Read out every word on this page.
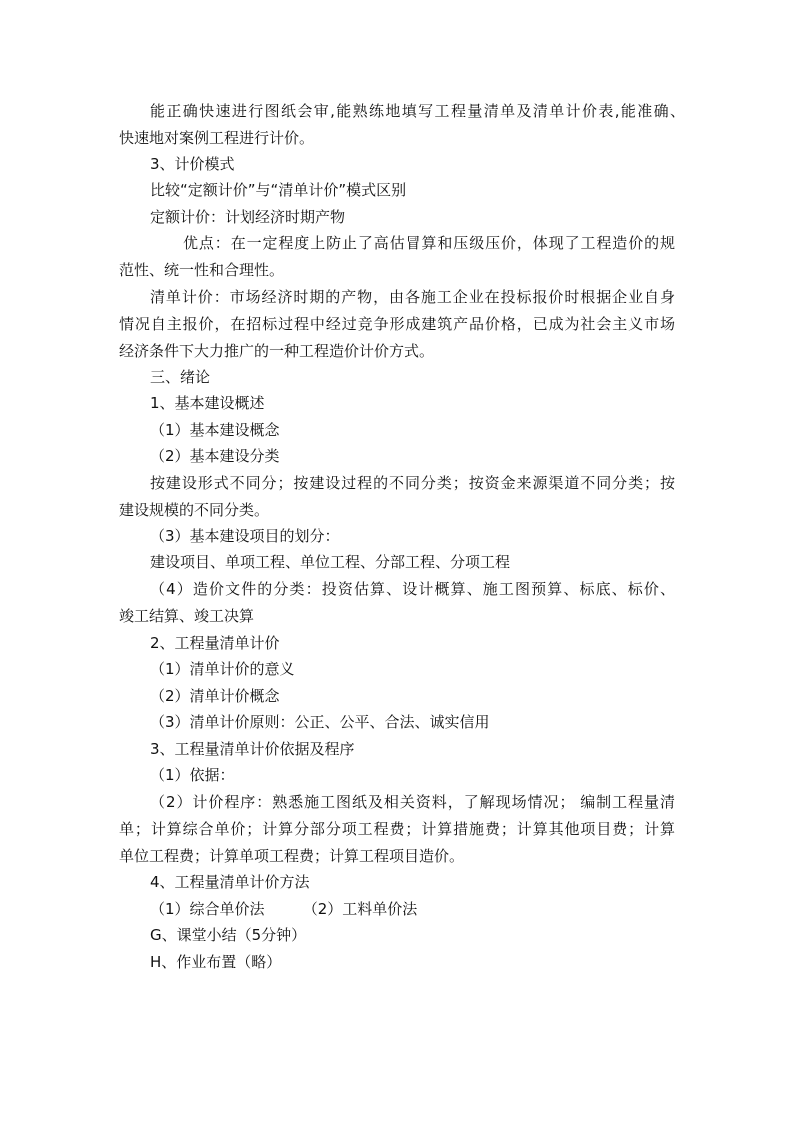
能正确快速进行图纸会审,能熟练地填写工程量清单及清单计价表,能准确、
快速地对案例工程进行计价。
3、计价模式
比较“定额计价”与“清单计价”模式区别
定额计价：计划经济时期产物
优点：在一定程度上防止了高估冒算和压级压价，体现了工程造价的规
范性、统一性和合理性。
清单计价：市场经济时期的产物，由各施工企业在投标报价时根据企业自身
情况自主报价，在招标过程中经过竞争形成建筑产品价格，已成为社会主义市场
经济条件下大力推广的一种工程造价计价方式。
三、绪论
1、基本建设概述
（1）基本建设概念
（2）基本建设分类
按建设形式不同分；按建设过程的不同分类；按资金来源渠道不同分类；按
建设规模的不同分类。
（3）基本建设项目的划分：
建设项目、单项工程、单位工程、分部工程、分项工程
（4）造价文件的分类：投资估算、设计概算、施工图预算、标底、标价、
竣工结算、竣工决算
2、工程量清单计价
（1）清单计价的意义
（2）清单计价概念
（3）清单计价原则：公正、公平、合法、诚实信用
3、工程量清单计价依据及程序
（1）依据：
（2）计价程序：熟悉施工图纸及相关资料，了解现场情况； 编制工程量清
单；计算综合单价；计算分部分项工程费；计算措施费；计算其他项目费；计算
单位工程费；计算单项工程费；计算工程项目造价。
4、工程量清单计价方法
（1）综合单价法        （2）工料单价法
G、课堂小结（5分钟）
H、作业布置（略）
